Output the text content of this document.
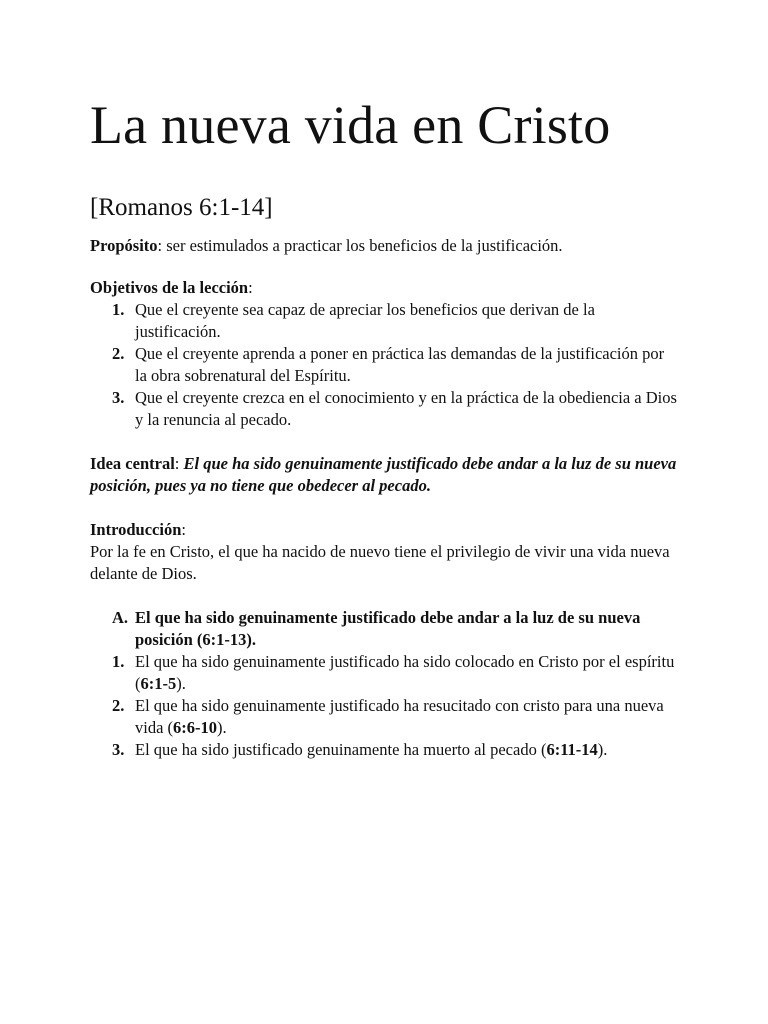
La nueva vida en Cristo
[Romanos 6:1-14]

Propósito: ser estimulados a practicar los beneficios de la justificación.

Objetivos de la lección:

1. Que el creyente sea capaz de apreciar los beneficios que derivan de la justificación.
2. Que el creyente aprenda a poner en práctica las demandas de la justificación por la obra sobrenatural del Espíritu.
3. Que el creyente crezca en el conocimiento y en la práctica de la obediencia a Dios y la renuncia al pecado.

Idea central: El que ha sido genuinamente justificado debe andar a la luz de su nueva posición, pues ya no tiene que obedecer al pecado.

Introducción:

Por la fe en Cristo, el que ha nacido de nuevo tiene el privilegio de vivir una vida nueva delante de Dios.

A. El que ha sido genuinamente justificado debe andar a la luz de su nueva posición (6:1-13).
1. El que ha sido genuinamente justificado ha sido colocado en Cristo por el espíritu (6:1-5).
2. El que ha sido genuinamente justificado ha resucitado con cristo para una nueva vida (6:6-10).
3. El que ha sido justificado genuinamente ha muerto al pecado (6:11-14).
